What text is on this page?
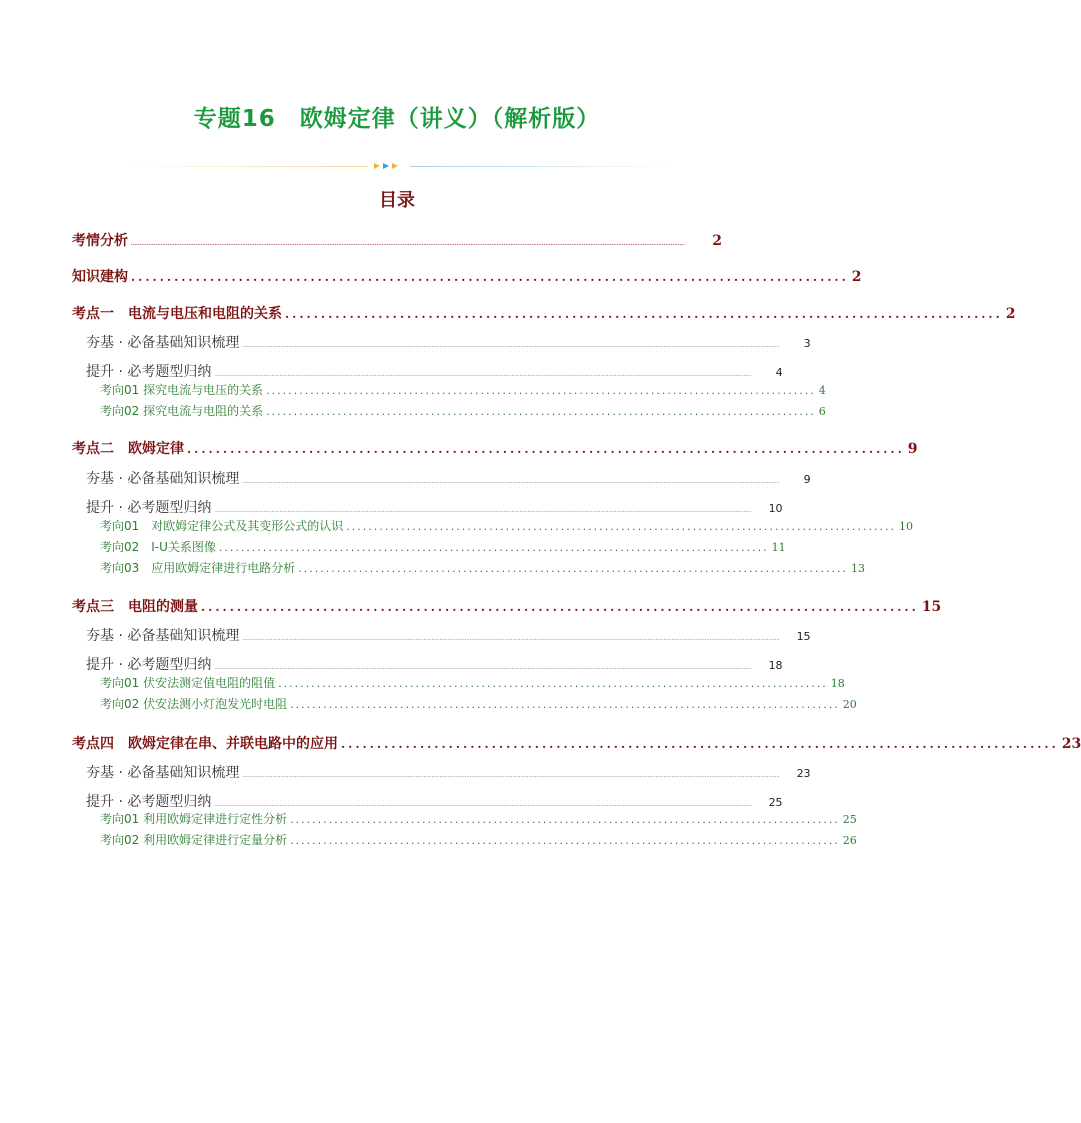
专题16　欧姆定律（讲义）（解析版）
目录
考情分析 .............................................................................................................................................................................................................................................................................................................................. 2
知识建构 .................................................................................................... 2
考点一　电流与电压和电阻的关系 .................................................................................................... 2
夯基 · 必备基础知识梳理 ..................................................................................................................................................................................................................................................................................................................................................	3
提升 · 必考题型归纳 ..................................................................................................................................................................................................................................................................................................................................................	4
考向01 探究电流与电压的关系 .................................................................................................... 4
考向02 探究电流与电阻的关系 .................................................................................................... 6
考点二　欧姆定律 .................................................................................................... 9
夯基 · 必备基础知识梳理 ..................................................................................................................................................................................................................................................................................................................................................	9
提升 · 必考题型归纳 ..................................................................................................................................................................................................................................................................................................................................................	10
考向01　对欧姆定律公式及其变形公式的认识 .................................................................................................... 10
考向02　I-U关系图像 .................................................................................................... 11
考向03　应用欧姆定律进行电路分析 .................................................................................................... 13
考点三　电阻的测量 .................................................................................................... 15
夯基 · 必备基础知识梳理 ..................................................................................................................................................................................................................................................................................................................................................	15
提升 · 必考题型归纳 ..................................................................................................................................................................................................................................................................................................................................................	18
考向01 伏安法测定值电阻的阻值 .................................................................................................... 18
考向02 伏安法测小灯泡发光时电阻 .................................................................................................... 20
考点四　欧姆定律在串、并联电路中的应用 .................................................................................................... 23
夯基 · 必备基础知识梳理 ..................................................................................................................................................................................................................................................................................................................................................	23
提升 · 必考题型归纳 ..................................................................................................................................................................................................................................................................................................................................................	25
考向01 利用欧姆定律进行定性分析 .................................................................................................... 25
考向02 利用欧姆定律进行定量分析 .................................................................................................... 26
